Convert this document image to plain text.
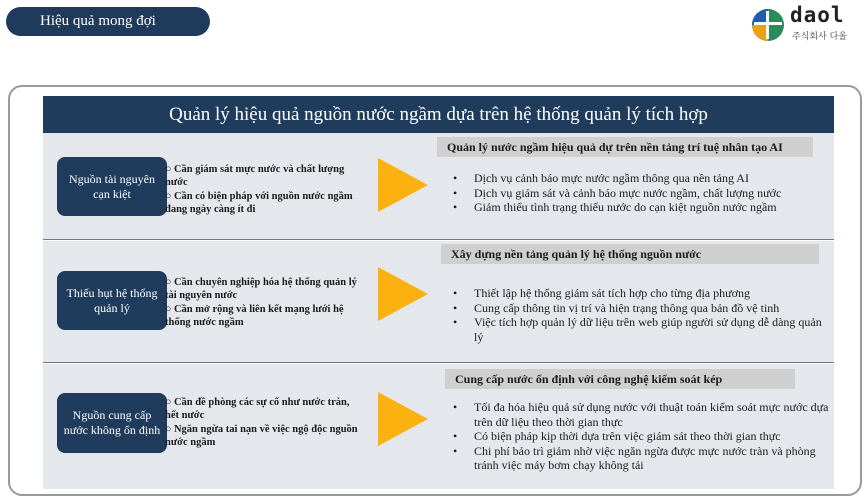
Hiệu quả mong đợi	daol
주식회사 다올
Quản lý hiệu quả nguồn nước ngầm dựa trên hệ thống quản lý tích hợp
Nguồn tài nguyên cạn kiệt
○ Cần giám sát mực nước và chất lượng nước
○ Cần có biện pháp với nguồn nước ngầm đang ngày càng ít đi
Quản lý nước ngầm hiệu quả dự trên nền tảng trí tuệ nhân tạo AI
• Dịch vụ cảnh báo mực nước ngầm thông qua nền tảng AI
• Dịch vụ giám sát và cảnh báo mực nước ngầm, chất lượng nước
• Giảm thiểu tình trạng thiếu nước do cạn kiệt nguồn nước ngầm
Thiếu hụt hệ thống quản lý
○ Cần chuyên nghiệp hóa hệ thống quản lý tài nguyên nước
○ Cần mở rộng và liên kết mạng lưới hệ thống nước ngầm
Xây dựng nền tảng quản lý hệ thống nguồn nước
• Thiết lập hệ thống giám sát tích hợp cho từng địa phương
• Cung cấp thông tin vị trí và hiện trạng thông qua bản đồ vệ tinh
• Việc tích hợp quản lý dữ liệu trên web giúp người sử dụng dễ dàng quản lý
Nguồn cung cấp nước không ổn định
○ Cần đề phòng các sự cố như nước tràn, hết nước
○ Ngăn ngừa tai nạn về việc ngộ độc nguồn nước ngầm
Cung cấp nước ổn định với công nghệ kiểm soát kép
• Tối đa hóa hiệu quả sử dụng nước với thuật toán kiểm soát mực nước dựa trên dữ liệu theo thời gian thực
• Có biện pháp kịp thời dựa trên việc giám sát theo thời gian thực
• Chi phí bảo trì giảm nhờ việc ngăn ngừa được mực nước tràn và phòng tránh việc máy bơm chạy không tải
